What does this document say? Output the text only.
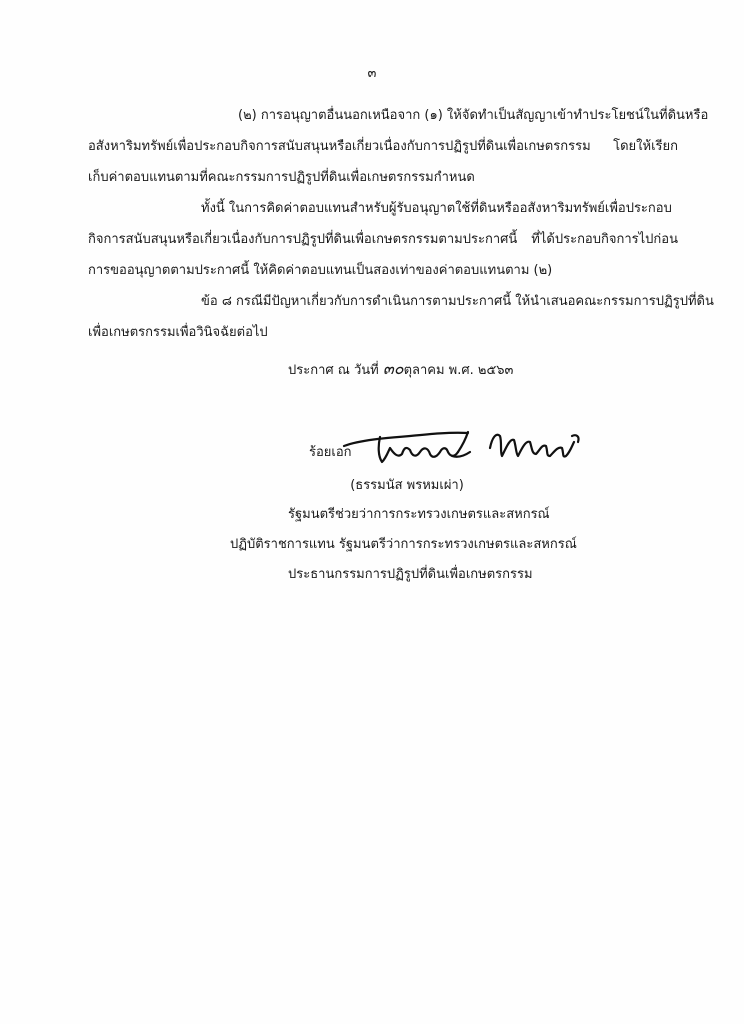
๓
(๒) การอนุญาตอื่นนอกเหนือจาก (๑) ให้จัดทำเป็นสัญญาเข้าทำประโยชน์ในที่ดินหรือ
อสังหาริมทรัพย์เพื่อประกอบกิจการสนับสนุนหรือเกี่ยวเนื่องกับการปฏิรูปที่ดินเพื่อเกษตรกรรม โดยให้เรียก
เก็บค่าตอบแทนตามที่คณะกรรมการปฏิรูปที่ดินเพื่อเกษตรกรรมกำหนด
ทั้งนี้ ในการคิดค่าตอบแทนสำหรับผู้รับอนุญาตใช้ที่ดินหรืออสังหาริมทรัพย์เพื่อประกอบ
กิจการสนับสนุนหรือเกี่ยวเนื่องกับการปฏิรูปที่ดินเพื่อเกษตรกรรมตามประกาศนี้ ที่ได้ประกอบกิจการไปก่อน
การขออนุญาตตามประกาศนี้ ให้คิดค่าตอบแทนเป็นสองเท่าของค่าตอบแทนตาม (๒)
ข้อ ๘ กรณีมีปัญหาเกี่ยวกับการดำเนินการตามประกาศนี้ ให้นำเสนอคณะกรรมการปฏิรูปที่ดิน
เพื่อเกษตรกรรมเพื่อวินิจฉัยต่อไป
ประกาศ ณ วันที่ ๓๐ตุลาคม พ.ศ. ๒๕๖๓
ร้อยเอก
(ธรรมนัส พรหมเผ่า)
รัฐมนตรีช่วยว่าการกระทรวงเกษตรและสหกรณ์
ปฏิบัติราชการแทน รัฐมนตรีว่าการกระทรวงเกษตรและสหกรณ์
ประธานกรรมการปฏิรูปที่ดินเพื่อเกษตรกรรม
